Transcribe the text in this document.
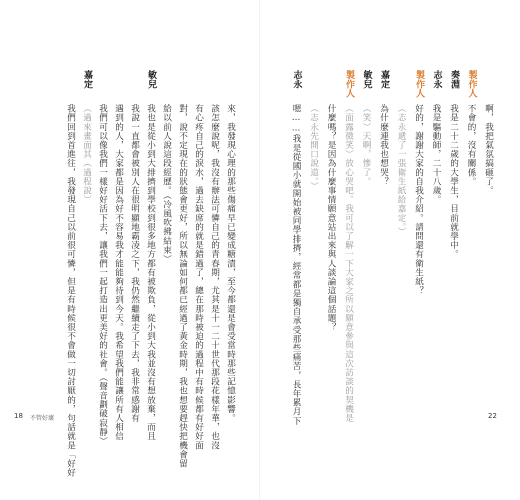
來，我發現心理的那些傷痛早已變成糖漬，至今都還是會受當時那些記憶影響。
該怎麼說呢，我沒有辦法可憐自己的青春期，尤其是十一二十世代那段花樣年華，也沒
有心疼自己的淚水，過去缺席的就是錯過了，總在那時被迫的過程中有時候都有好好面
對，說不定現在的狀態會更好，所以無論如何都已經過了黃金時期，我也想要趕快把機會留
給以前人說這段經歷。（冷風吹拂結束）
敏兒
我也是從小到大排擠到學校到很多地方都有被欺負，從小到大我並沒有想放棄，而且
我說一直都會被別人在很明顯地霸凌之下，我仍然繼續走了下去，我非常感謝有
遇到的人，大家都是因為好不容易我才能能夠待到今天。我希望我們能讓所有人相信
我們可以像我們一樣好好活下去，讓我們一起打造出更美好的社會。（聲音劃破寂靜）
嘉定
（過來畫面其（過程說）
我們回到首進往，我發現自己以前很可憐，但是有時候很不會做一切討厭的，句話就是「好好
18 不管好壞
啊，我把氣氛搞砸了。
製作人
不會的，沒有關係。
奏淵
我是二十二歲的大學生，目前就學中。
志永
我是驅動師，二十八歲。
製作人
好的，謝謝大家的自我介紹。請問還有衛生紙？
（志永遞了一張衛生紙給嘉定。）
嘉定
為什麼連我也想哭？
敏兒
（笑）天啊，慘了。
製作人
（面露微笑）放心哭吧。我可以了解一下大家之所以願意參與這次訪談的契機是
什麼嗎？是因為什麼事情願意站出來與人談論這個話題？
（志永先開口說道。）
志永
嗯……我是從國小就開始被同學排擠，經常都是獨自承受那些痛苦，長年累月下	22
